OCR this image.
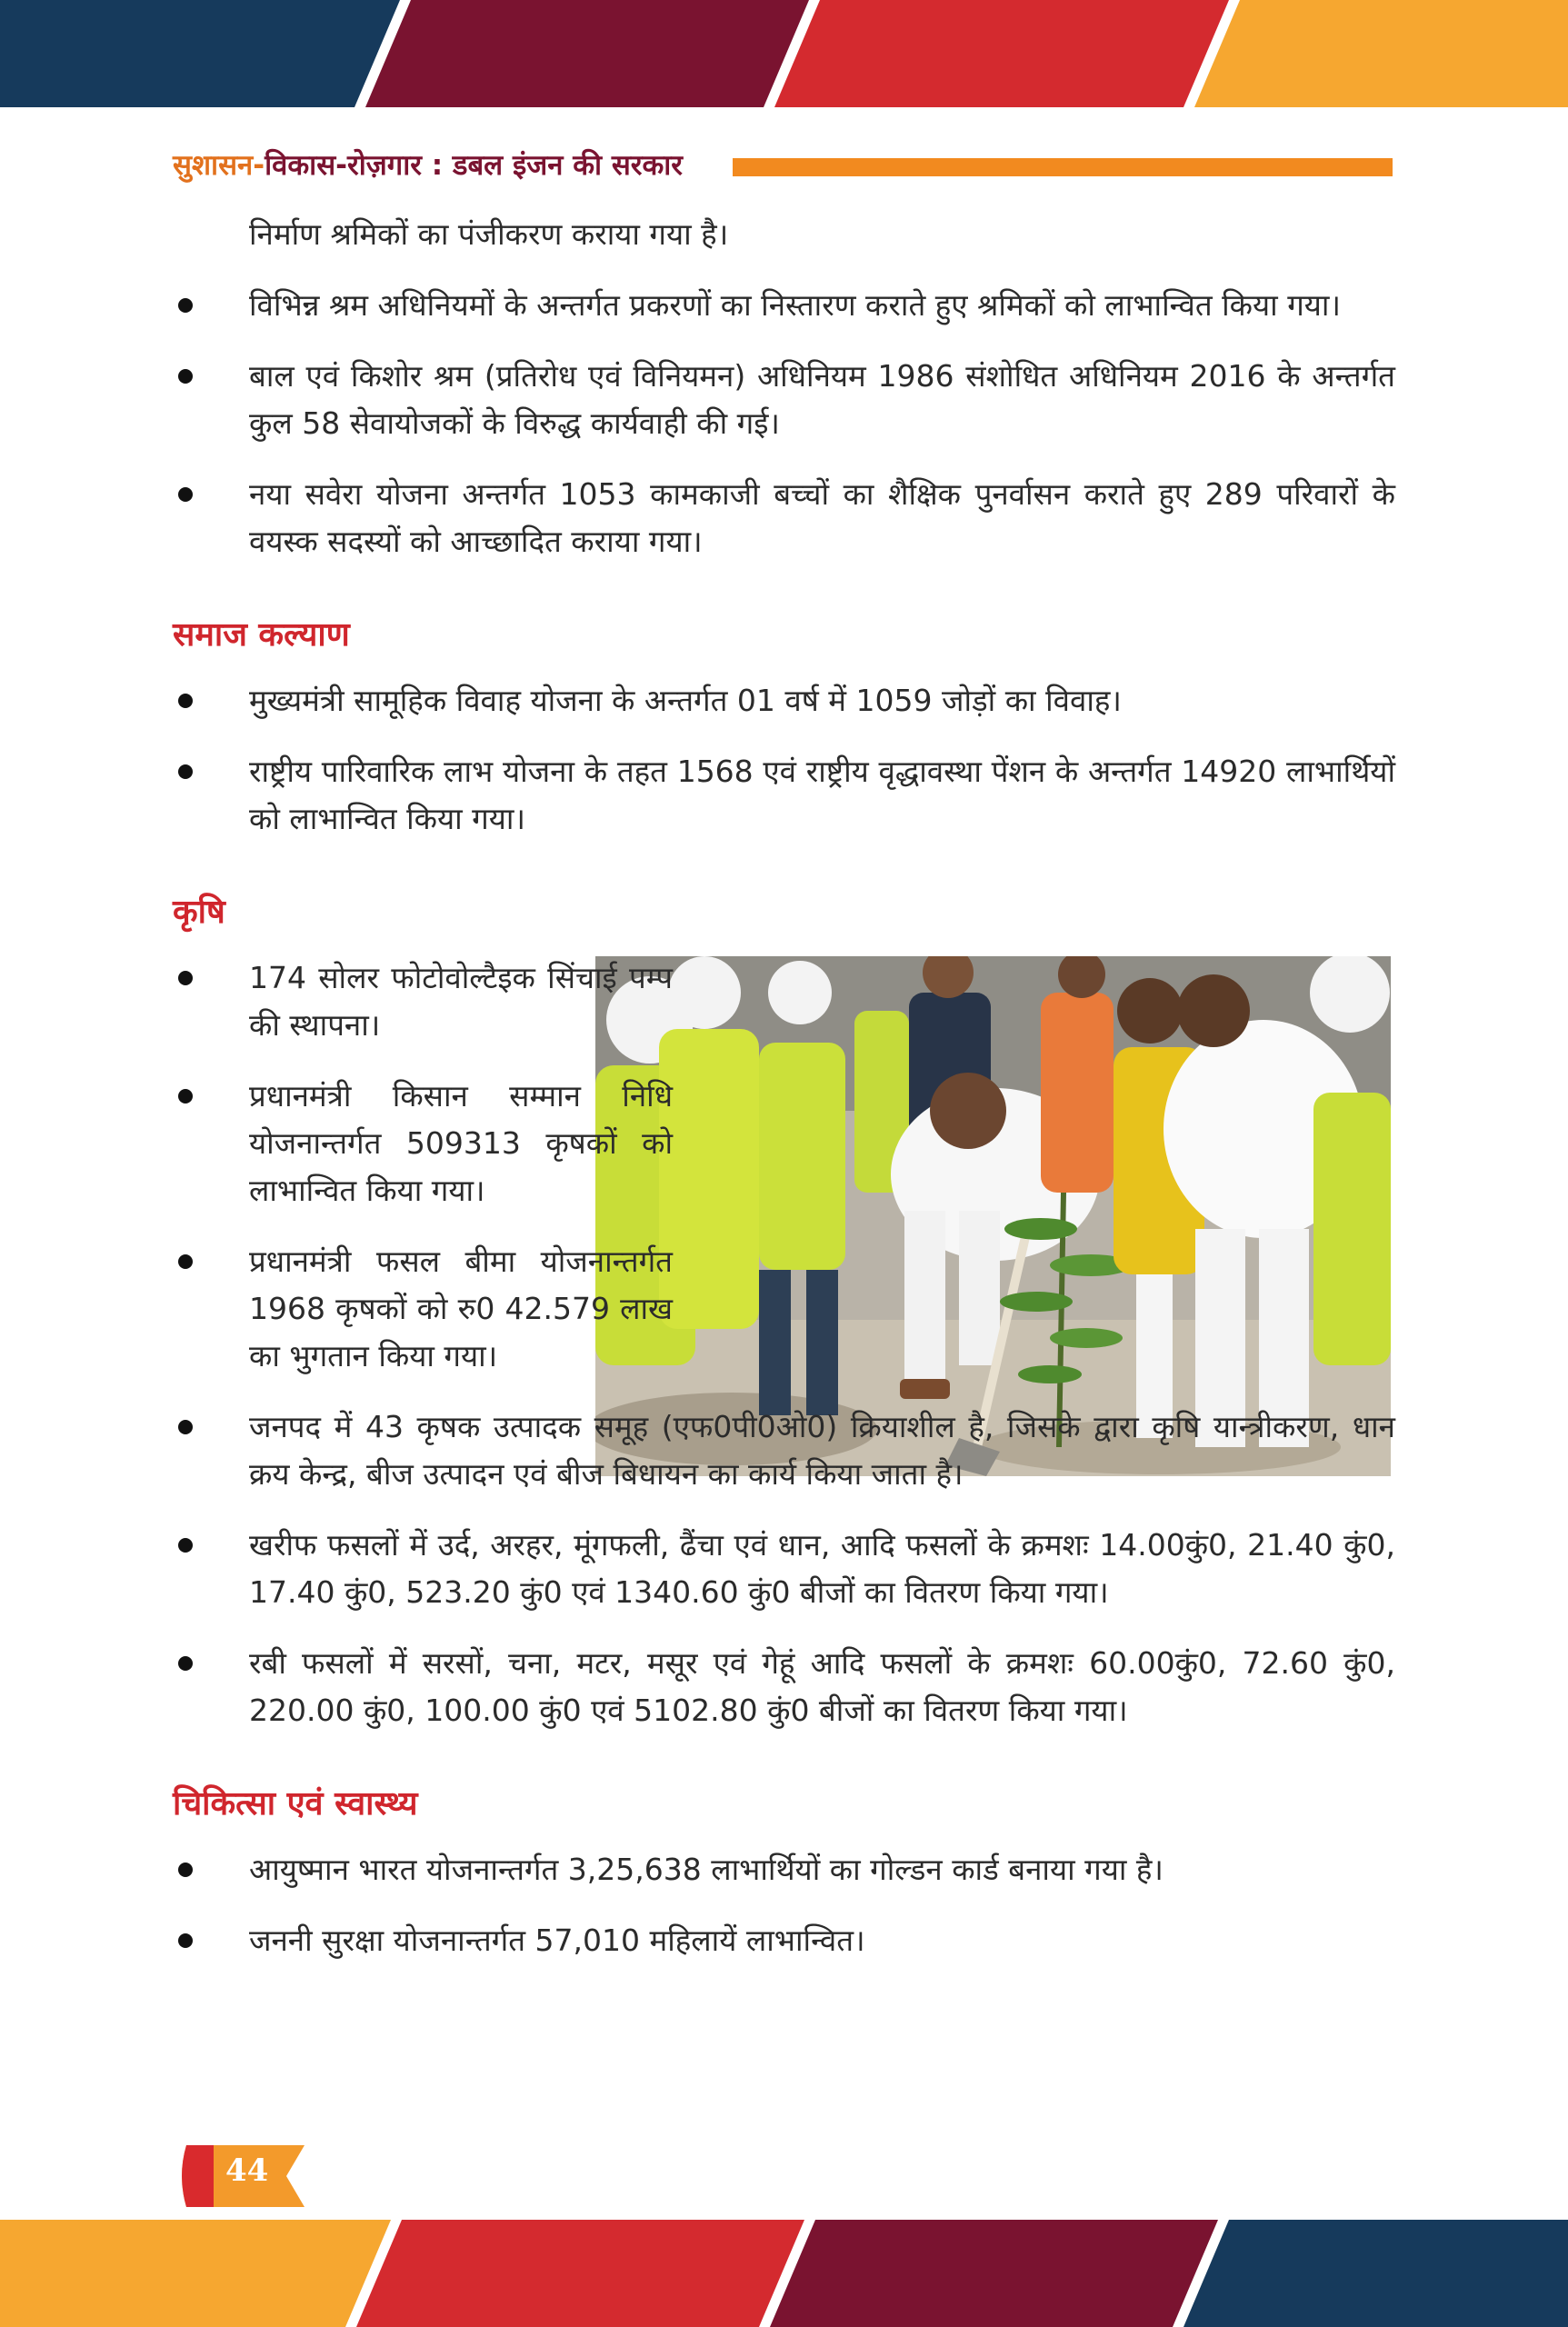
सुशासन-विकास-रोज़गार : डबल इंजन की सरकार

निर्माण श्रमिकों का पंजीकरण कराया गया है।

विभिन्न श्रम अधिनियमों के अन्तर्गत प्रकरणों का निस्तारण कराते हुए श्रमिकों को लाभान्वित किया गया।
बाल एवं किशोर श्रम (प्रतिरोध एवं विनियमन) अधिनियम 1986 संशोधित अधिनियम 2016 के अन्तर्गत कुल 58 सेवायोजकों के विरुद्ध कार्यवाही की गई।
नया सवेरा योजना अन्तर्गत 1053 कामकाजी बच्चों का शैक्षिक पुनर्वासन कराते हुए 289 परिवारों के वयस्क सदस्यों को आच्छादित कराया गया।
समाज कल्याण
मुख्यमंत्री सामूहिक विवाह योजना के अन्तर्गत 01 वर्ष में 1059 जोड़ों का विवाह।
राष्ट्रीय पारिवारिक लाभ योजना के तहत 1568 एवं राष्ट्रीय वृद्धावस्था पेंशन के अन्तर्गत 14920 लाभार्थियों को लाभान्वित किया गया।
कृषि
174 सोलर फोटोवोल्टैइक सिंचाई पम्प की स्थापना।
प्रधानमंत्री किसान सम्मान निधि योजनान्तर्गत 509313 कृषकों को लाभान्वित किया गया।
प्रधानमंत्री फसल बीमा योजनान्तर्गत 1968 कृषकों को रु0 42.579 लाख का भुगतान किया गया।
जनपद में 43 कृषक उत्पादक समूह (एफ0पी0ओ0) क्रियाशील है, जिसके द्वारा कृषि यान्त्रीकरण, धान क्रय केन्द्र, बीज उत्पादन एवं बीज बिधायन का कार्य किया जाता है।
खरीफ फसलों में उर्द, अरहर, मूंगफली, ढैंचा एवं धान, आदि फसलों के क्रमशः 14.00कुं0, 21.40 कुं0, 17.40 कुं0, 523.20 कुं0 एवं 1340.60 कुं0 बीजों का वितरण किया गया।
रबी फसलों में सरसों, चना, मटर, मसूर एवं गेहूं आदि फसलों के क्रमशः 60.00कुं0, 72.60 कुं0, 220.00 कुं0, 100.00 कुं0 एवं 5102.80 कुं0 बीजों का वितरण किया गया।
चिकित्सा एवं स्वास्थ्य
आयुष्मान भारत योजनान्तर्गत 3,25,638 लाभार्थियों का गोल्डन कार्ड बनाया गया है।
जननी सुरक्षा योजनान्तर्गत 57,010 महिलायें लाभान्वित।
44
